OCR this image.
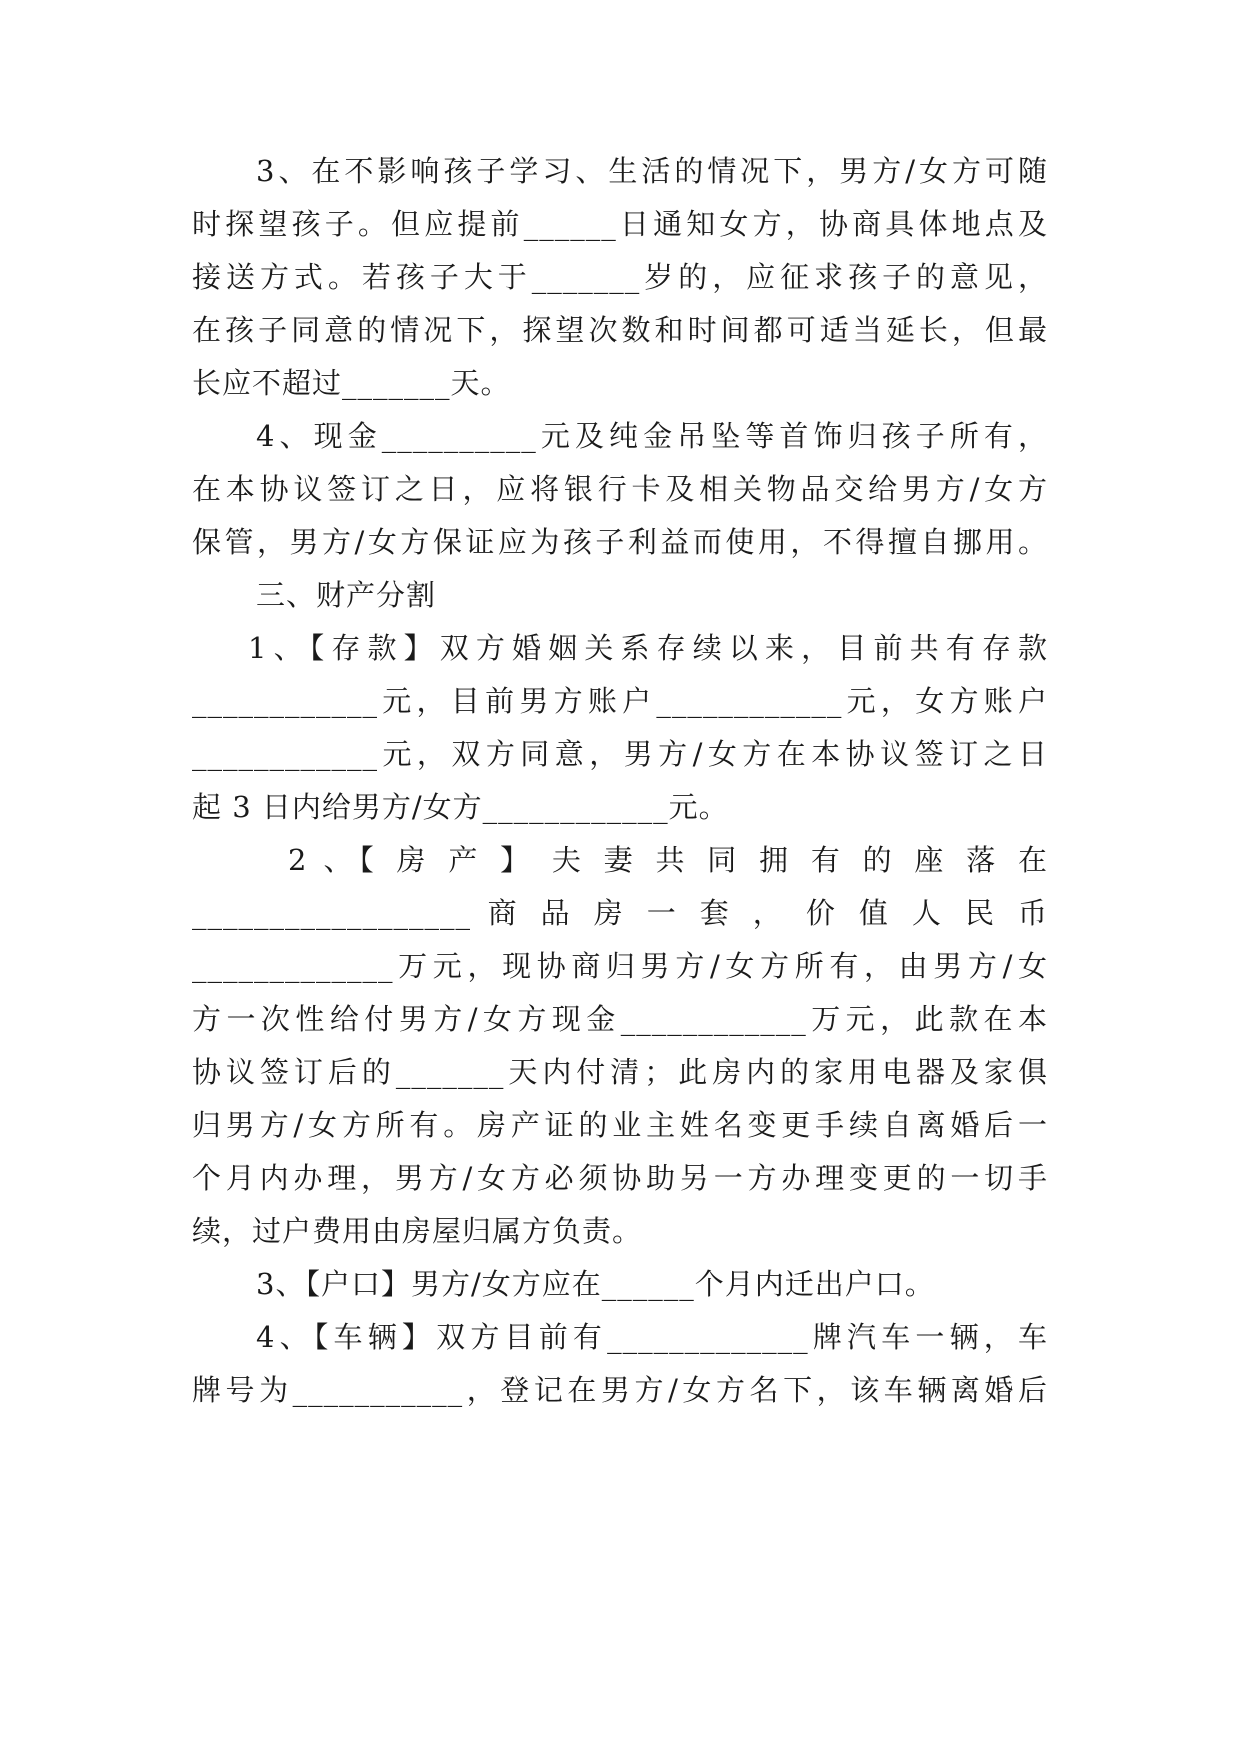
3、在不影响孩子学习、生活的情况下，男方/女方可随
时探望孩子。但应提前______日通知女方，协商具体地点及
接送方式。若孩子大于_______岁的，应征求孩子的意见，
在孩子同意的情况下，探望次数和时间都可适当延长，但最
长应不超过_______天。
4、现金__________元及纯金吊坠等首饰归孩子所有，
在本协议签订之日，应将银行卡及相关物品交给男方/女方
保管，男方/女方保证应为孩子利益而使用，不得擅自挪用。
三、财产分割
1、【存款】双方婚姻关系存续以来，目前共有存款
____________元，目前男方账户____________元，女方账户
____________元，双方同意，男方/女方在本协议签订之日
起 3 日内给男方/女方____________元。
2 、【 房 产 】 夫 妻 共 同 拥 有 的 座 落 在
__________________ 商 品 房 一 套 ， 价 值 人 民 币
_____________万元，现协商归男方/女方所有，由男方/女
方一次性给付男方/女方现金____________万元，此款在本
协议签订后的_______天内付清；此房内的家用电器及家俱
归男方/女方所有。房产证的业主姓名变更手续自离婚后一
个月内办理，男方/女方必须协助另一方办理变更的一切手
续，过户费用由房屋归属方负责。
3、【户口】男方/女方应在______个月内迁出户口。
4、【车辆】双方目前有_____________牌汽车一辆，车
牌号为___________，登记在男方/女方名下，该车辆离婚后
